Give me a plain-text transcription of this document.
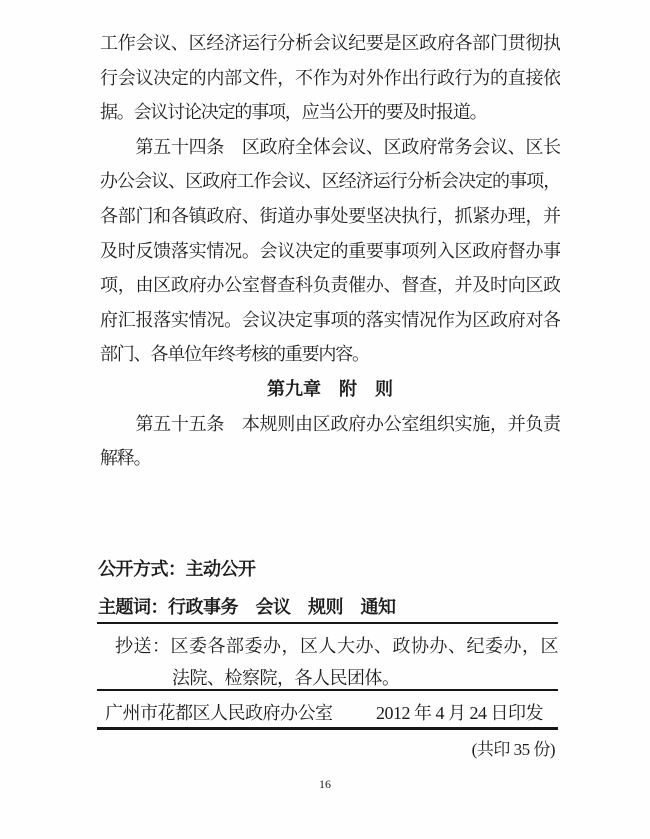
工作会议、区经济运行分析会议纪要是区政府各部门贯彻执
行会议决定的内部文件，不作为对外作出行政行为的直接依
据。会议讨论决定的事项，应当公开的要及时报道。
　　第五十四条　区政府全体会议、区政府常务会议、区长
办公会议、区政府工作会议、区经济运行分析会决定的事项，
各部门和各镇政府、街道办事处要坚决执行，抓紧办理，并
及时反馈落实情况。会议决定的重要事项列入区政府督办事
项，由区政府办公室督查科负责催办、督查，并及时向区政
府汇报落实情况。会议决定事项的落实情况作为区政府对各
部门、各单位年终考核的重要内容。
第九章　附　则
　　第五十五条　本规则由区政府办公室组织实施，并负责
解释。
公开方式：主动公开
主题词：行政事务　会议　规则　通知
抄送：区委各部委办，区人大办、政协办、纪委办，区
法院、检察院，各人民团体。
广州市花都区人民政府办公室 2012 年 4 月 24 日印发
(共印 35 份)
16
